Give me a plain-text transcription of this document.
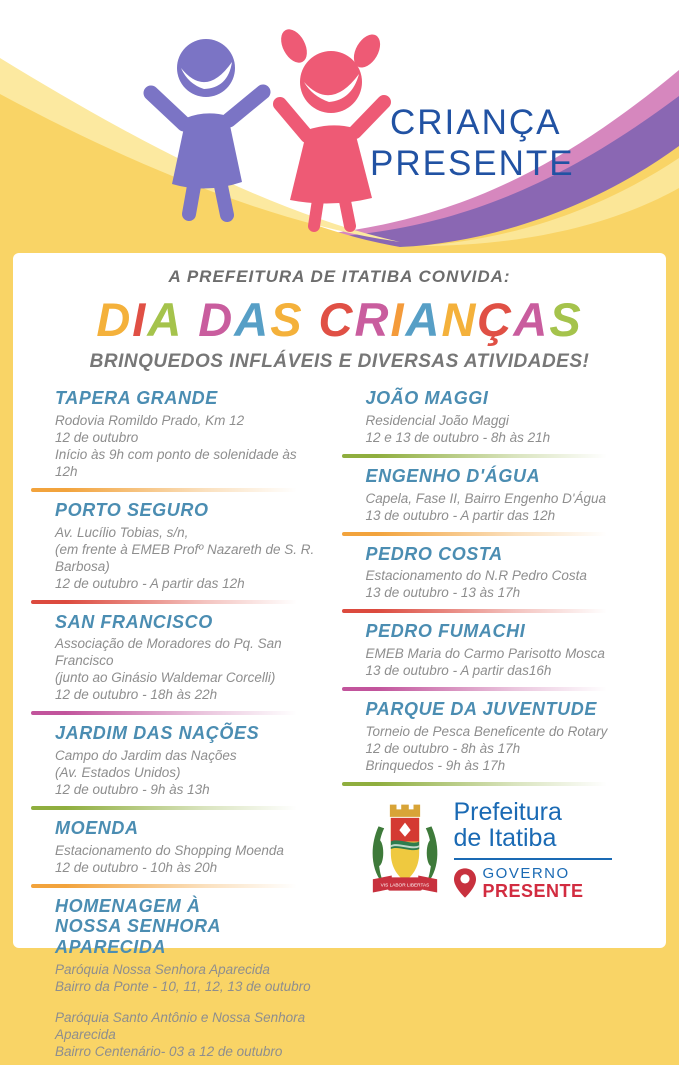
CRIANÇA
PRESENTE
A PREFEITURA DE ITATIBA CONVIDA:
DIA DAS CRIANÇAS
BRINQUEDOS INFLÁVEIS E DIVERSAS ATIVIDADES!
TAPERA GRANDE

Rodovia Romildo Prado, Km 12

12 de outubro

Início às 9h com ponto de solenidade às 12h

PORTO SEGURO

Av. Lucílio Tobias, s/n,

(em frente à EMEB Profº Nazareth de S. R. Barbosa)

12 de outubro - A partir das 12h

SAN FRANCISCO

Associação de Moradores do Pq. San Francisco

(junto ao Ginásio Waldemar Corcelli)

12 de outubro - 18h às 22h

JARDIM DAS NAÇÕES

Campo do Jardim das Nações

(Av. Estados Unidos)

12 de outubro - 9h às 13h

MOENDA

Estacionamento do Shopping Moenda

12 de outubro - 10h às 20h

HOMENAGEM À
NOSSA SENHORA APARECIDA

Paróquia Nossa Senhora Aparecida

Bairro da Ponte - 10, 11, 12, 13 de outubro

Paróquia Santo Antônio e Nossa Senhora Aparecida

Bairro Centenário- 03 a 12 de outubro

JOÃO MAGGI

Residencial João Maggi

12 e 13 de outubro - 8h às 21h

ENGENHO D'ÁGUA

Capela, Fase II, Bairro Engenho D'Água

13 de outubro - A partir das 12h

PEDRO COSTA

Estacionamento do N.R Pedro Costa

13 de outubro - 13 às 17h

PEDRO FUMACHI

EMEB Maria do Carmo Parisotto Mosca

13 de outubro - A partir das16h

PARQUE DA JUVENTUDE

Torneio de Pesca Beneficente do Rotary

12 de outubro - 8h às 17h

Brinquedos - 9h às 17h

VIS LABOR LIBERTAS
Prefeitura
de Itatiba
GOVERNO
PRESENTE
